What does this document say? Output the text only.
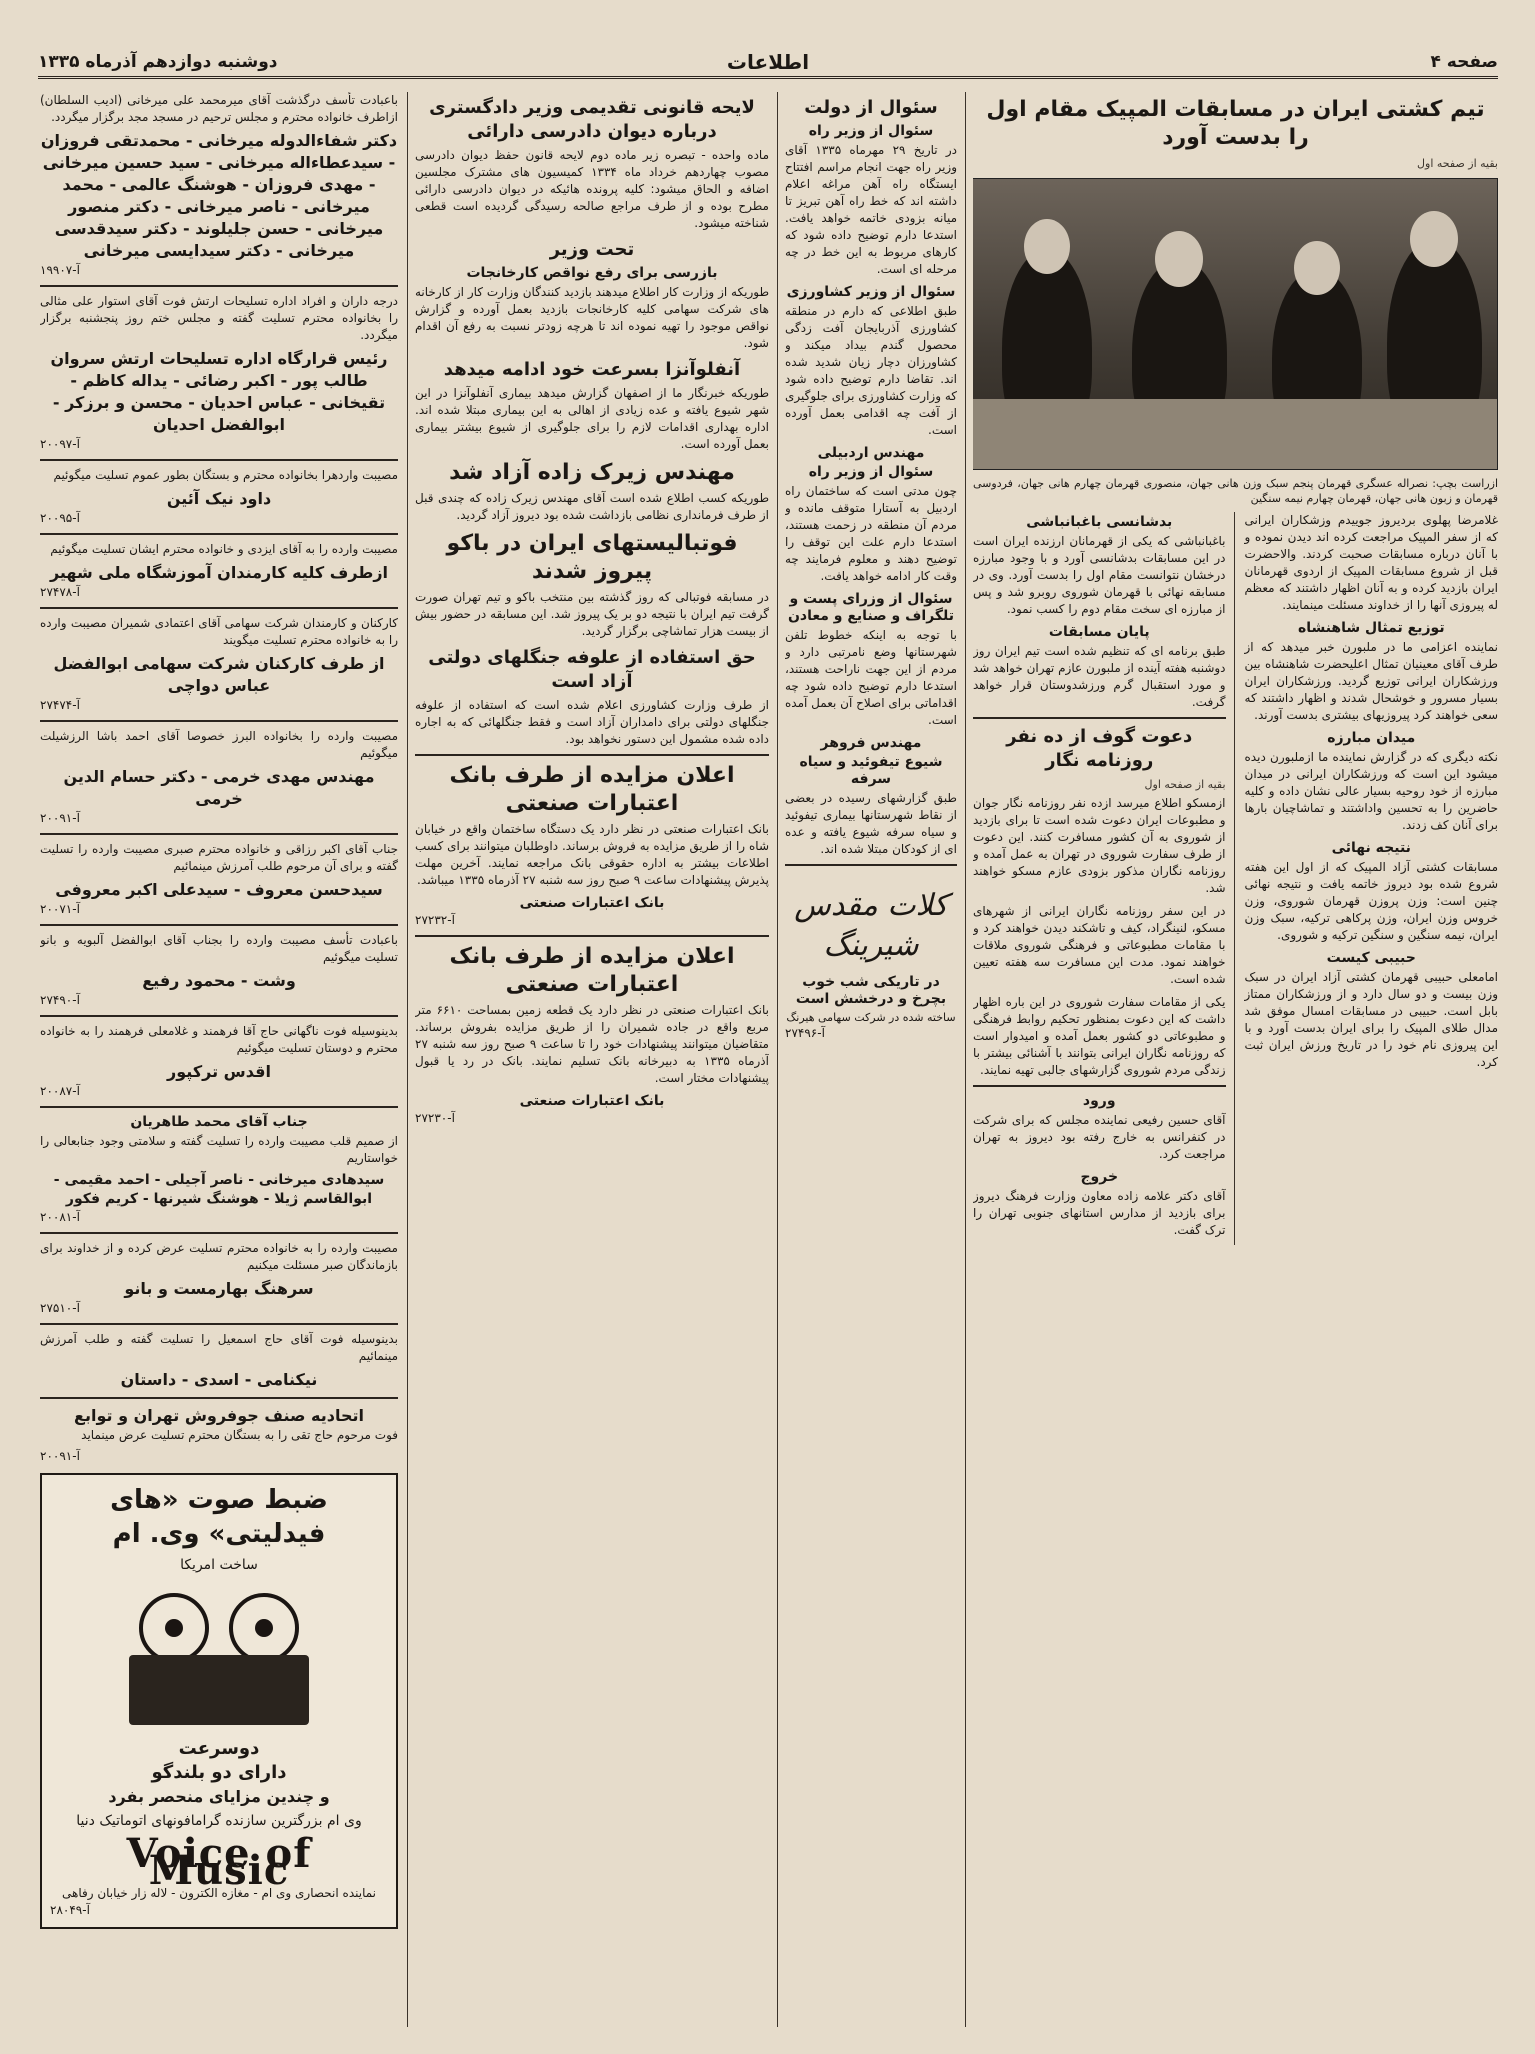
دوشنبه دوازدهم آذرماه ۱۳۳۵	اطلاعات	صفحه ۴

باعبادت تأسف درگذشت آقای میرمحمد علی میرخانی (ادیب السلطان) ازاطرف خانواده محترم و مجلس ترحیم در مسجد مجد برگزار میگردد.

دکتر شفاءالدوله میرخانی - محمدتقی فروزان - سیدعطاءاله میرخانی - سید حسین میرخانی - مهدی فروزان - هوشنگ عالمی - محمد میرخانی - ناصر میرخانی - دکتر منصور میرخانی - حسن جلیلوند - دکتر سیدقدسی میرخانی - دکتر سیدایسی میرخانی
آ-۱۹۹۰۷

درجه داران و افراد اداره تسلیحات ارتش فوت آقای استوار علی مثالی را بخانواده محترم تسلیت گفته و مجلس ختم روز پنجشنبه برگزار میگردد.

رئیس قرارگاه اداره تسلیحات ارتش سروان طالب پور - اکبر رضائی - یداله کاظم - تقیخانی - عباس احدیان - محسن و برزکر - ابوالفضل احدیان
آ-۲۰۰۹۷

مصیبت واردهرا بخانواده محترم و بستگان بطور عموم تسلیت میگوئیم

داود نیک آئین
آ-۲۰۰۹۵

مصیبت وارده را به آقای ایزدی و خانواده محترم ایشان تسلیت میگوئیم

ازطرف کلیه کارمندان آموزشگاه ملی شهیر
آ-۲۷۴۷۸

کارکنان و کارمندان شرکت سهامی آقای اعتمادی شمیران مصیبت وارده را به خانواده محترم تسلیت میگویند

از طرف کارکنان شرکت سهامی ابوالفضل عباس دواچی
آ-۲۷۴۷۴

مصیبت وارده را بخانواده البرز خصوصا آقای احمد باشا الرزشیلت میگوئیم

مهندس مهدی خرمی - دکتر حسام الدین خرمی
آ-۲۰۰۹۱

جناب آقای اکبر رزاقی و خانواده محترم صبری مصیبت وارده را تسلیت گفته و برای آن مرحوم طلب آمرزش مینمائیم

سیدحسن معروف - سیدعلی اکبر معروفی
آ-۲۰۰۷۱

باعبادت تأسف مصیبت وارده را بجناب آقای ابوالفضل آلبویه و بانو تسلیت میگوئیم

وشت - محمود رفیع
آ-۲۷۴۹۰

بدینوسیله فوت ناگهانی حاج آقا فرهمند و غلامعلی فرهمند را به خانواده محترم و دوستان تسلیت میگوئیم

اقدس ترکپور
آ-۲۰۰۸۷
جناب آقای محمد طاهریان

از صمیم قلب مصیبت وارده را تسلیت گفته و سلامتی وجود جنابعالی را خواستاریم

سیدهادی میرخانی - ناصر آجیلی - احمد مقیمی - ابوالقاسم ژیلا - هوشنگ شیرنها - کریم فکور
آ-۲۰۰۸۱

مصیبت وارده را به خانواده محترم تسلیت عرض کرده و از خداوند برای بازماندگان صبر مسئلت میکنیم

سرهنگ بهارمست و بانو
آ-۲۷۵۱۰

بدینوسیله فوت آقای حاج اسمعیل را تسلیت گفته و طلب آمرزش مینمائیم

نیکنامی - اسدی - داستان
اتحادیه صنف جوفروش تهران و توابع

فوت مرحوم حاج تقی را به بستگان محترم تسلیت عرض مینماید

آ-۲۰۰۹۱
ضبط صوت «های فیدلیتی» وی. ام
ساخت امریکا
دوسرعت
دارای دو بلندگو
و چندین مزایای منحصر بفرد
وی ام بزرگترین سازنده گرامافونهای اتوماتیک دنیا
Voice of Music
نماینده انحصاری وی ام - مغازه الکترون - لاله زار خیابان رفاهی
آ-۲۸۰۴۹
لایحه قانونی تقدیمی وزیر دادگستری درباره دیوان دادرسی دارائی

ماده واحده - تبصره زیر ماده دوم لایحه قانون حفظ دیوان دادرسی مصوب چهاردهم خرداد ماه ۱۳۳۴ کمیسیون های مشترک مجلسین اضافه و الحاق میشود: کلیه پرونده هائیکه در دیوان دادرسی دارائی مطرح بوده و از طرف مراجع صالحه رسیدگی گردیده است قطعی شناخته میشود.

تحت وزیر
بازرسی برای رفع نواقص کارخانجات

طوریکه از وزارت کار اطلاع میدهند بازدید کنندگان وزارت کار از کارخانه های شرکت سهامی کلیه کارخانجات بازدید بعمل آورده و گزارش نواقص موجود را تهیه نموده اند تا هرچه زودتر نسبت به رفع آن اقدام شود.

آنفلوآنزا بسرعت خود ادامه میدهد

طوریکه خبرنگار ما از اصفهان گزارش میدهد بیماری آنفلوآنزا در این شهر شیوع یافته و عده زیادی از اهالی به این بیماری مبتلا شده اند. اداره بهداری اقدامات لازم را برای جلوگیری از شیوع بیشتر بیماری بعمل آورده است.

مهندس زیرک زاده آزاد شد

طوریکه کسب اطلاع شده است آقای مهندس زیرک زاده که چندی قبل از طرف فرمانداری نظامی بازداشت شده بود دیروز آزاد گردید.

فوتبالیستهای ایران در باکو پیروز شدند

در مسابقه فوتبالی که روز گذشته بین منتخب باکو و تیم تهران صورت گرفت تیم ایران با نتیجه دو بر یک پیروز شد. این مسابقه در حضور بیش از بیست هزار تماشاچی برگزار گردید.

حق استفاده از علوفه جنگلهای دولتی آزاد است

از طرف وزارت کشاورزی اعلام شده است که استفاده از علوفه جنگلهای دولتی برای دامداران آزاد است و فقط جنگلهائی که به اجاره داده شده مشمول این دستور نخواهد بود.

اعلان مزایده از طرف بانک اعتبارات صنعتی

بانک اعتبارات صنعتی در نظر دارد یک دستگاه ساختمان واقع در خیابان شاه را از طریق مزایده به فروش برساند. داوطلبان میتوانند برای کسب اطلاعات بیشتر به اداره حقوقی بانک مراجعه نمایند. آخرین مهلت پذیرش پیشنهادات ساعت ۹ صبح روز سه شنبه ۲۷ آذرماه ۱۳۳۵ میباشد.

بانک اعتبارات صنعتی
آ-۲۷۲۳۲
اعلان مزایده از طرف بانک اعتبارات صنعتی

بانک اعتبارات صنعتی در نظر دارد یک قطعه زمین بمساحت ۶۶۱۰ متر مربع واقع در جاده شمیران را از طریق مزایده بفروش برساند. متقاضیان میتوانند پیشنهادات خود را تا ساعت ۹ صبح روز سه شنبه ۲۷ آذرماه ۱۳۳۵ به دبیرخانه بانک تسلیم نمایند. بانک در رد یا قبول پیشنهادات مختار است.

بانک اعتبارات صنعتی
آ-۲۷۲۳۰
سئوال از دولت
سئوال از وزیر راه

در تاریخ ۲۹ مهرماه ۱۳۳۵ آقای وزیر راه جهت انجام مراسم افتتاح ایستگاه راه آهن مراغه اعلام داشته اند که خط راه آهن تبریز تا میانه بزودی خاتمه خواهد یافت. استدعا دارم توضیح داده شود که کارهای مربوط به این خط در چه مرحله ای است.

سئوال از وزیر کشاورزی

طبق اطلاعی که دارم در منطقه کشاورزی آذربایجان آفت زدگی محصول گندم بیداد میکند و کشاورزان دچار زیان شدید شده اند. تقاضا دارم توضیح داده شود که وزارت کشاورزی برای جلوگیری از آفت چه اقدامی بعمل آورده است.

مهندس اردبیلی
سئوال از وزیر راه

چون مدتی است که ساختمان راه اردبیل به آستارا متوقف مانده و مردم آن منطقه در زحمت هستند، استدعا دارم علت این توقف را توضیح دهند و معلوم فرمایند چه وقت کار ادامه خواهد یافت.

سئوال از وزرای پست و تلگراف و صنایع و معادن

با توجه به اینکه خطوط تلفن شهرستانها وضع نامرتبی دارد و مردم از این جهت ناراحت هستند، استدعا دارم توضیح داده شود چه اقداماتی برای اصلاح آن بعمل آمده است.

مهندس فروهر
شیوع تیفوئید و سیاه سرفه

طبق گزارشهای رسیده در بعضی از نقاط شهرستانها بیماری تیفوئید و سیاه سرفه شیوع یافته و عده ای از کودکان مبتلا شده اند.

کلات مقدس شیرینگ
در تاریکی شب خوب بچرخ و درخشش است
ساخته شده در شرکت سهامی هیرنگ
آ-۲۷۴۹۶
تیم کشتی ایران در مسابقات المپیک مقام اول را بدست آورد
بقیه از صفحه اول
ازراست بچپ: نصراله عسگری قهرمان پنجم سبک وزن هانی جهان، منصوری قهرمان چهارم هانی جهان، فردوسی قهرمان و زبون هانی جهان، قهرمان چهارم نیمه سنگین

غلامرضا پهلوی بردیروز جوییدم وزشکاران ایرانی که از سفر المپیک مراجعت کرده اند دیدن نموده و با آنان درباره مسابقات صحبت کردند. والاحضرت قبل از شروع مسابقات المپیک از اردوی قهرمانان ایران بازدید کرده و به آنان اظهار داشتند که معظم له پیروزی آنها را از خداوند مسئلت مینمایند.

توزیع تمثال شاهنشاه

نماینده اعزامی ما در ملبورن خبر میدهد که از طرف آقای معینیان تمثال اعلیحضرت شاهنشاه بین ورزشکاران ایرانی توزیع گردید. ورزشکاران ایران بسیار مسرور و خوشحال شدند و اظهار داشتند که سعی خواهند کرد پیروزیهای بیشتری بدست آورند.

میدان مبارزه

نکته دیگری که در گزارش نماینده ما ازملبورن دیده میشود این است که ورزشکاران ایرانی در میدان مبارزه از خود روحیه بسیار عالی نشان داده و کلیه حاضرین را به تحسین واداشتند و تماشاچیان بارها برای آنان کف زدند.

نتیجه نهائی

مسابقات کشتی آزاد المپیک که از اول این هفته شروع شده بود دیروز خاتمه یافت و نتیجه نهائی چنین است: وزن پروزن قهرمان شوروی، وزن خروس وزن ایران، وزن پرکاهی ترکیه، سبک وزن ایران، نیمه سنگین و سنگین ترکیه و شوروی.

حبیبی کیست

امامعلی حبیبی قهرمان کشتی آزاد ایران در سبک وزن بیست و دو سال دارد و از ورزشکاران ممتاز بابل است. حبیبی در مسابقات امسال موفق شد مدال طلای المپیک را برای ایران بدست آورد و با این پیروزی نام خود را در تاریخ ورزش ایران ثبت کرد.

بدشانسی باغبانباشی

باغبانباشی که یکی از قهرمانان ارزنده ایران است در این مسابقات بدشانسی آورد و با وجود مبارزه درخشان نتوانست مقام اول را بدست آورد. وی در مسابقه نهائی با قهرمان شوروی روبرو شد و پس از مبارزه ای سخت مقام دوم را کسب نمود.

پایان مسابقات

طبق برنامه ای که تنظیم شده است تیم ایران روز دوشنبه هفته آینده از ملبورن عازم تهران خواهد شد و مورد استقبال گرم ورزشدوستان قرار خواهد گرفت.

دعوت گوف از ده نفر روزنامه نگار
بقیه از صفحه اول

ازمسکو اطلاع میرسد ازده نفر روزنامه نگار جوان و مطبوعات ایران دعوت شده است تا برای بازدید از شوروی به آن کشور مسافرت کنند. این دعوت از طرف سفارت شوروی در تهران به عمل آمده و روزنامه نگاران مذکور بزودی عازم مسکو خواهند شد.

در این سفر روزنامه نگاران ایرانی از شهرهای مسکو، لنینگراد، کیف و تاشکند دیدن خواهند کرد و با مقامات مطبوعاتی و فرهنگی شوروی ملاقات خواهند نمود. مدت این مسافرت سه هفته تعیین شده است.

یکی از مقامات سفارت شوروی در این باره اظهار داشت که این دعوت بمنظور تحکیم روابط فرهنگی و مطبوعاتی دو کشور بعمل آمده و امیدوار است که روزنامه نگاران ایرانی بتوانند با آشنائی بیشتر با زندگی مردم شوروی گزارشهای جالبی تهیه نمایند.

ورود

آقای حسین رفیعی نماینده مجلس که برای شرکت در کنفرانس به خارج رفته بود دیروز به تهران مراجعت کرد.

خروج

آقای دکتر علامه زاده معاون وزارت فرهنگ دیروز برای بازدید از مدارس استانهای جنوبی تهران را ترک گفت.
